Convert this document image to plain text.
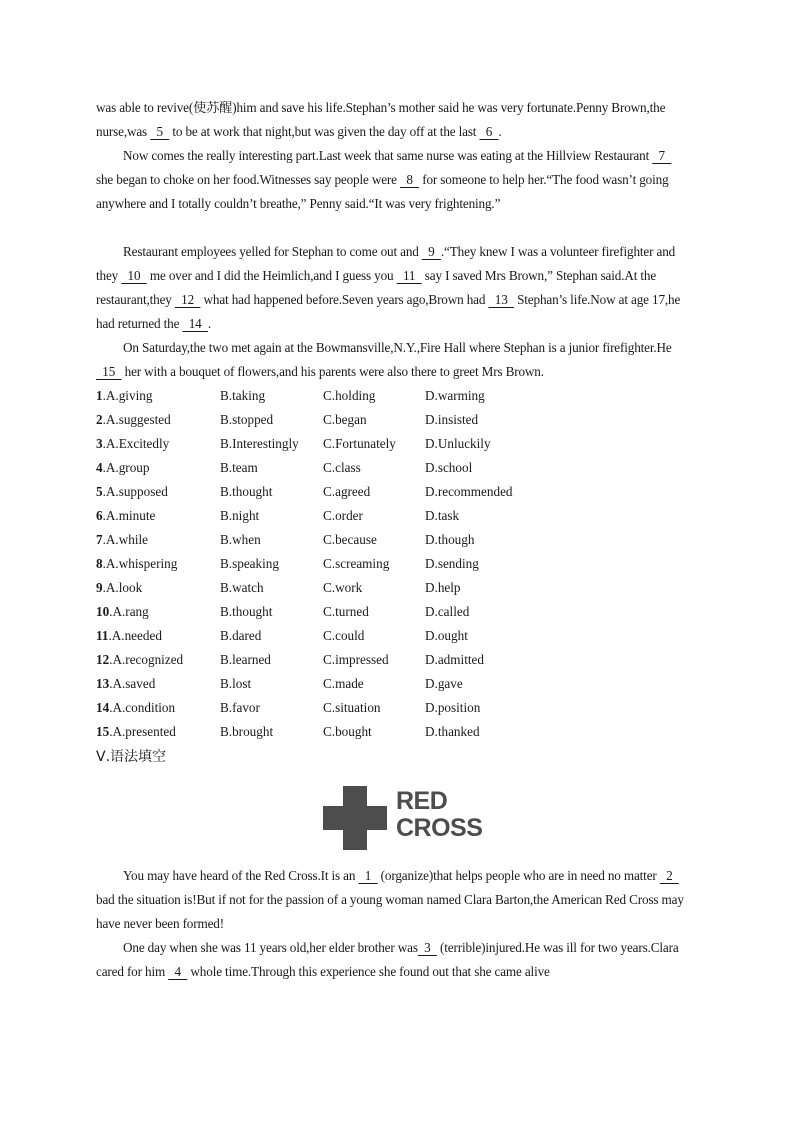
was able to revive(使苏醒)him and save his life.Stephan’s mother said he was very fortunate.Penny Brown,the nurse,was   5   to be at work that night,but was given the day off at the last   6  .
Now comes the really interesting part.Last week that same nurse was eating at the Hillview Restaurant   7   she began to choke on her food.Witnesses say people were   8   for someone to help her.“The food wasn’t going anywhere and I totally couldn’t breathe,” Penny said.“It was very frightening.”
Restaurant employees yelled for Stephan to come out and   9  .“They knew I was a volunteer firefighter and they   10   me over and I did the Heimlich,and I guess you   11   say I saved Mrs Brown,” Stephan said.At the restaurant,they   12   what had happened before.Seven years ago,Brown had   13   Stephan’s life.Now at age 17,he had returned the   14  .
On Saturday,the two met again at the Bowmansville,N.Y.,Fire Hall where Stephan is a junior firefighter.He   15   her with a bouquet of flowers,and his parents were also there to greet Mrs Brown.
1.A.giving	B.taking	C.holding	D.warming
2.A.suggested	B.stopped	C.began	D.insisted
3.A.Excitedly	B.Interestingly	C.Fortunately	D.Unluckily
4.A.group	B.team	C.class	D.school
5.A.supposed	B.thought	C.agreed	D.recommended
6.A.minute	B.night	C.order	D.task
7.A.while	B.when	C.because	D.though
8.A.whispering	B.speaking	C.screaming	D.sending
9.A.look	B.watch	C.work	D.help
10.A.rang	B.thought	C.turned	D.called
11.A.needed	B.dared	C.could	D.ought
12.A.recognized	B.learned	C.impressed	D.admitted
13.A.saved	B.lost	C.made	D.gave
14.A.condition	B.favor	C.situation	D.position
15.A.presented	B.brought	C.bought	D.thanked
Ⅴ.语法填空
RED
CROSS
You may have heard of the Red Cross.It is an   1   (organize)that helps people who are in need no matter   2   bad the situation is!But if not for the passion of a young woman named Clara Barton,the American Red Cross may have never been formed!
One day when she was 11 years old,her elder brother was  3   (terrible)injured.He was ill for two years.Clara cared for him   4   whole time.Through this experience she found out that she came alive
